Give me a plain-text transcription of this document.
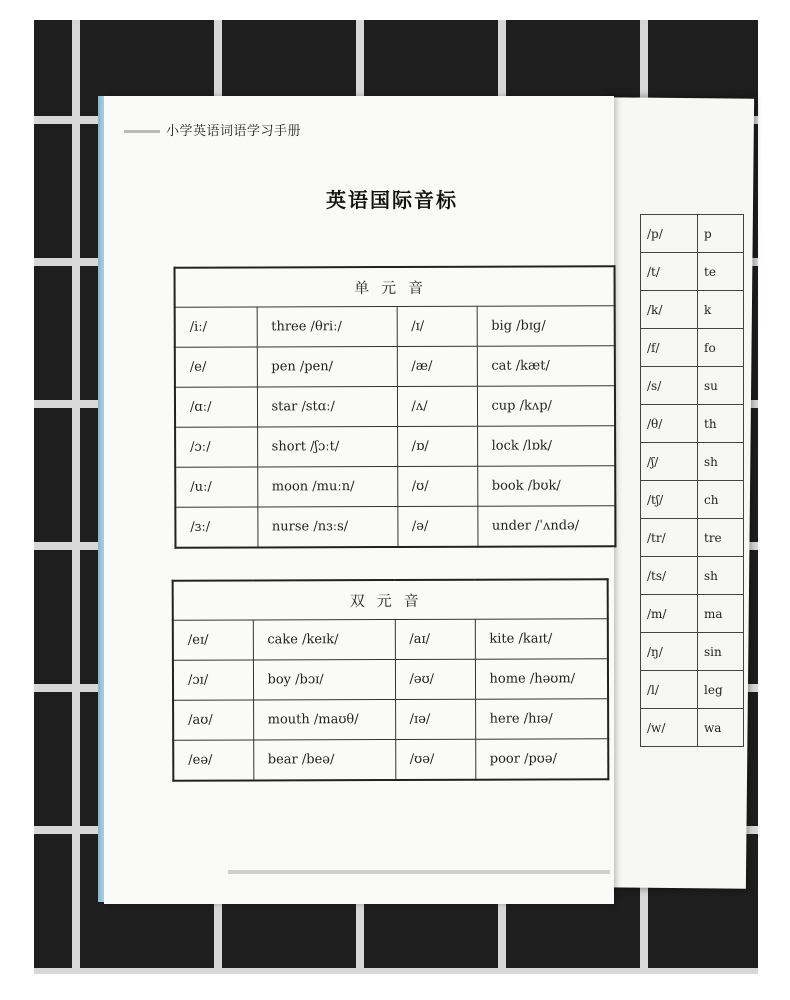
/p/	p
/t/	te
/k/	k
/f/	fo
/s/	su
/θ/	th
/ʃ/	sh
/tʃ/	ch
/tr/	tre
/ts/	sh
/m/	ma
/ŋ/	sin
/l/	leg
/w/	wa
小学英语词语学习手册
英语国际音标
单元音			
/iː/	three /θriː/	/ɪ/	big /bɪɡ/
/e/	pen /pen/	/æ/	cat /kæt/
/ɑː/	star /stɑː/	/ʌ/	cup /kʌp/
/ɔː/	short /ʃɔːt/	/ɒ/	lock /lɒk/
/uː/	moon /muːn/	/ʊ/	book /bʊk/
/ɜː/	nurse /nɜːs/	/ə/	under /ˈʌndə/
双元音			
/eɪ/	cake /keɪk/	/aɪ/	kite /kaɪt/
/ɔɪ/	boy /bɔɪ/	/əʊ/	home /həʊm/
/aʊ/	mouth /maʊθ/	/ɪə/	here /hɪə/
/eə/	bear /beə/	/ʊə/	poor /pʊə/
